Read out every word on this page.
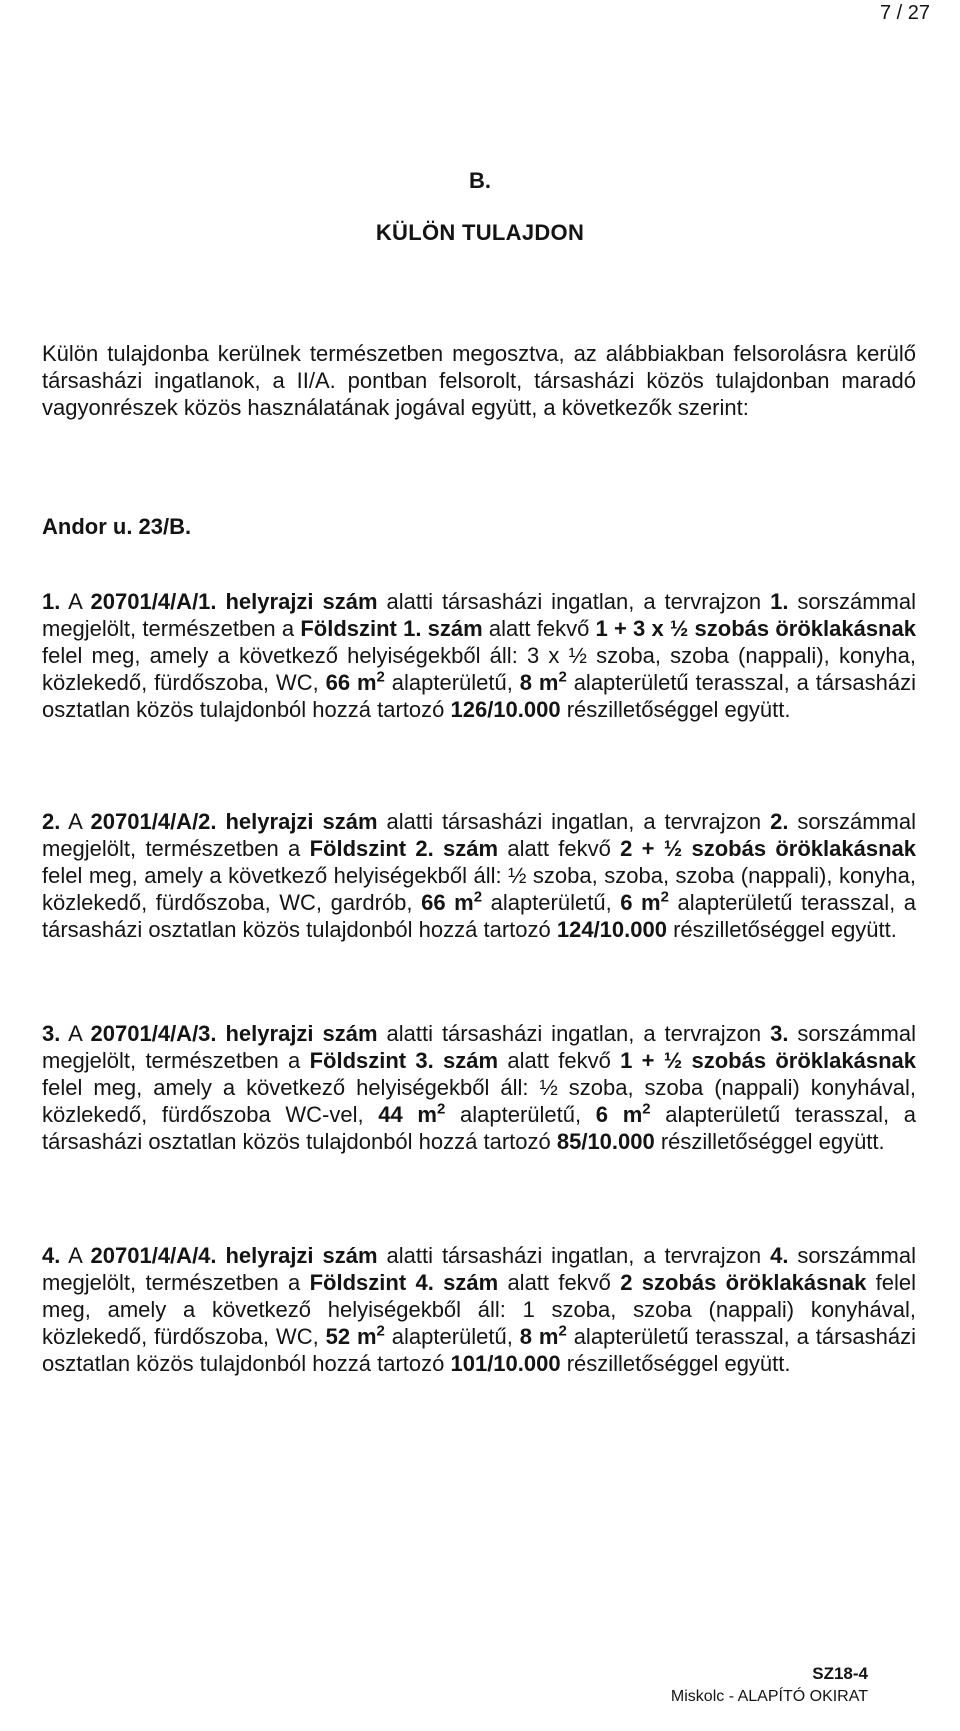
7 / 27
B.
KÜLÖN TULAJDON
Külön tulajdonba kerülnek természetben megosztva, az alábbiakban felsorolásra kerülő társasházi ingatlanok, a II/A. pontban felsorolt, társasházi közös tulajdonban maradó vagyonrészek közös használatának jogával együtt, a következők szerint:
Andor u. 23/B.
1. A 20701/4/A/1. helyrajzi szám alatti társasházi ingatlan, a tervrajzon 1. sorszámmal megjelölt, természetben a Földszint 1. szám alatt fekvő 1 + 3 x ½ szobás öröklakásnak felel meg, amely a következő helyiségekből áll: 3 x ½ szoba, szoba (nappali), konyha, közlekedő, fürdőszoba, WC, 66 $m^2$ alapterületű, 8 $m^2$ alapterületű terasszal, a társasházi osztatlan közös tulajdonból hozzá tartozó 126/10.000 részilletőséggel együtt.
2. A 20701/4/A/2. helyrajzi szám alatti társasházi ingatlan, a tervrajzon 2. sorszámmal megjelölt, természetben a Földszint 2. szám alatt fekvő 2 + ½ szobás öröklakásnak felel meg, amely a következő helyiségekből áll: ½ szoba, szoba, szoba (nappali), konyha, közlekedő, fürdőszoba, WC, gardrób, 66 $m^2$ alapterületű, 6 $m^2$ alapterületű terasszal, a társasházi osztatlan közös tulajdonból hozzá tartozó 124/10.000 részilletőséggel együtt.
3. A 20701/4/A/3. helyrajzi szám alatti társasházi ingatlan, a tervrajzon 3. sorszámmal megjelölt, természetben a Földszint 3. szám alatt fekvő 1 + ½ szobás öröklakásnak felel meg, amely a következő helyiségekből áll: ½ szoba, szoba (nappali) konyhával, közlekedő, fürdőszoba WC-vel, 44 $m^2$ alapterületű, 6 $m^2$ alapterületű terasszal, a társasházi osztatlan közös tulajdonból hozzá tartozó 85/10.000 részilletőséggel együtt.
4. A 20701/4/A/4. helyrajzi szám alatti társasházi ingatlan, a tervrajzon 4. sorszámmal megjelölt, természetben a Földszint 4. szám alatt fekvő 2 szobás öröklakásnak felel meg, amely a következő helyiségekből áll: 1 szoba, szoba (nappali) konyhával, közlekedő, fürdőszoba, WC, 52 $m^2$ alapterületű, 8 $m^2$ alapterületű terasszal, a társasházi osztatlan közös tulajdonból hozzá tartozó 101/10.000 részilletőséggel együtt.
SZ18-4
Miskolc - ALAPÍTÓ OKIRAT
